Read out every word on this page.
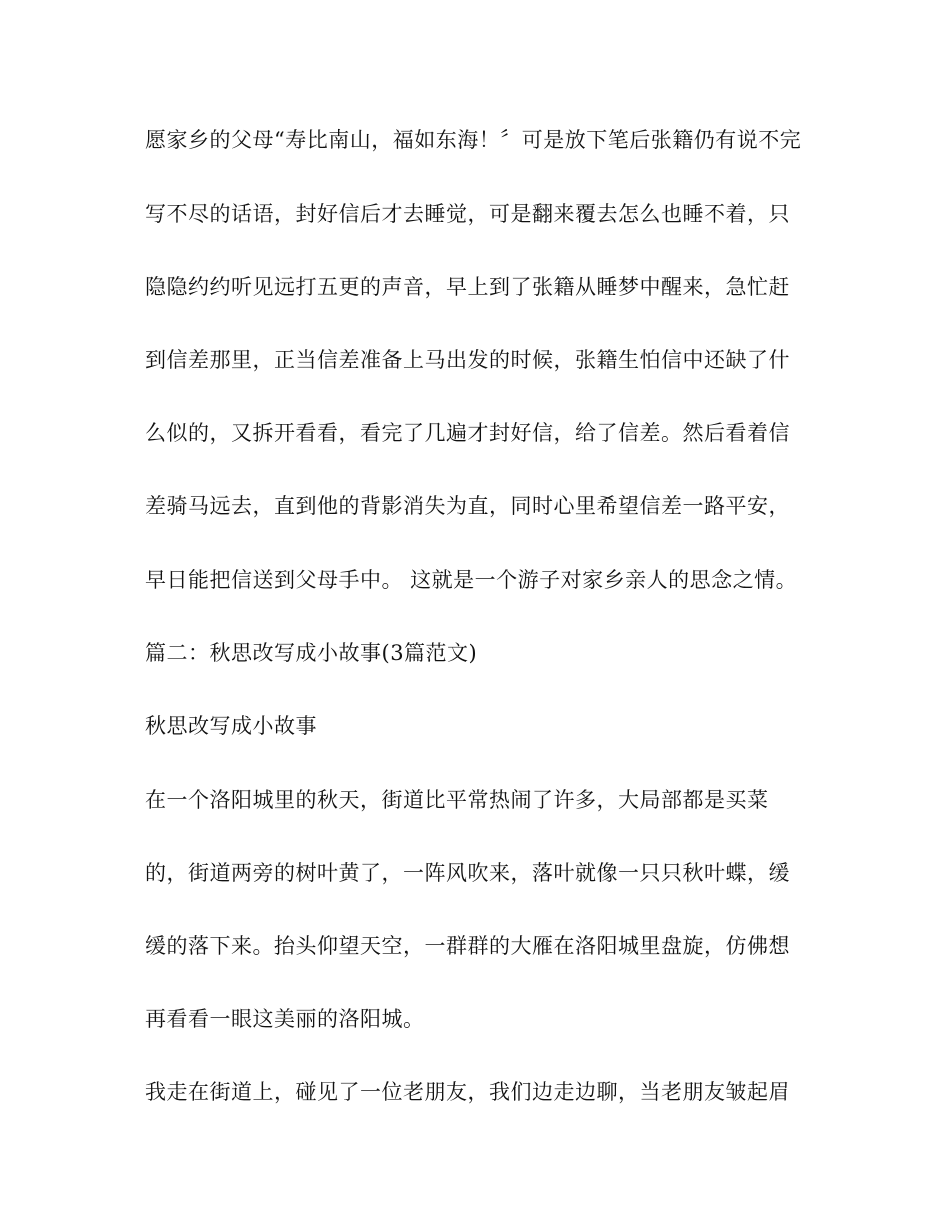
愿家乡的父母“寿比南山，福如东海！〞可是放下笔后张籍仍有说不完
写不尽的话语，封好信后才去睡觉，可是翻来覆去怎么也睡不着，只
隐隐约约听见远打五更的声音，早上到了张籍从睡梦中醒来，急忙赶
到信差那里，正当信差准备上马出发的时候，张籍生怕信中还缺了什
么似的，又拆开看看，看完了几遍才封好信，给了信差。然后看着信
差骑马远去，直到他的背影消失为直，同时心里希望信差一路平安，
早日能把信送到父母手中。 这就是一个游子对家乡亲人的思念之情。
篇二：秋思改写成小故事(3篇范文)
秋思改写成小故事
在一个洛阳城里的秋天，街道比平常热闹了许多，大局部都是买菜
的，街道两旁的树叶黄了，一阵风吹来，落叶就像一只只秋叶蝶，缓
缓的落下来。抬头仰望天空，一群群的大雁在洛阳城里盘旋，仿佛想
再看看一眼这美丽的洛阳城。
我走在街道上，碰见了一位老朋友，我们边走边聊，当老朋友皱起眉
